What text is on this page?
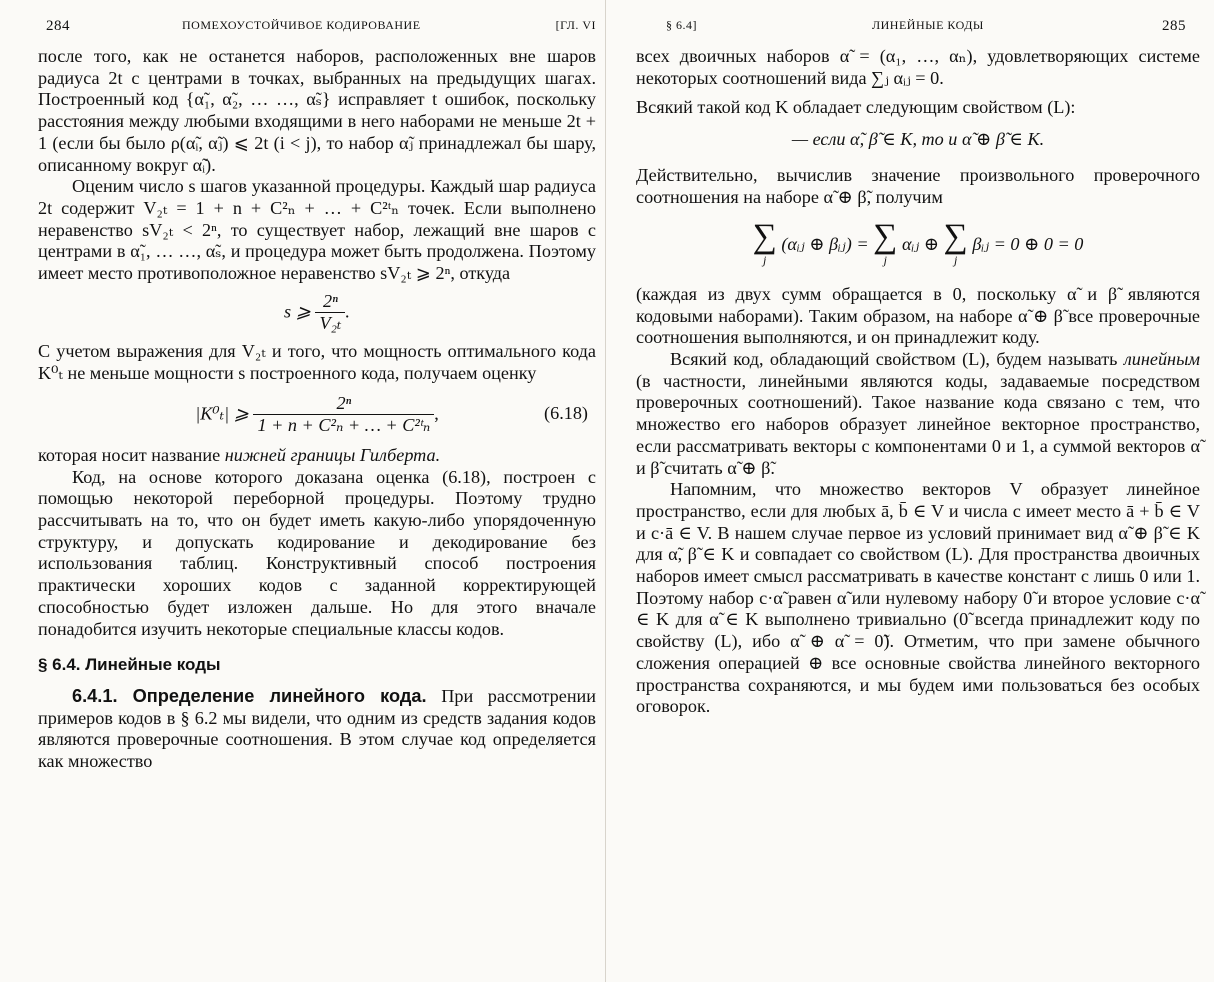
284	ПОМЕХОУСТОЙЧИВОЕ КОДИРОВАНИЕ	[ГЛ. VI

после того, как не останется наборов, расположенных вне шаров радиуса 2t с центрами в точках, выбранных на предыдущих шагах. Построенный код {α̃₁, α̃₂, … …, α̃ₛ} исправляет t ошибок, поскольку расстояния между любыми входящими в него наборами не меньше 2t + 1 (если бы было ρ(α̃ᵢ, α̃ⱼ) ⩽ 2t (i < j), то набор α̃ⱼ принадлежал бы шару, описанному вокруг α̃ᵢ).

Оценим число s шагов указанной процедуры. Каждый шар радиуса 2t содержит V₂ₜ = 1 + n + C²ₙ + … + C²ᵗₙ точек. Если выполнено неравенство sV₂ₜ < 2ⁿ, то существует набор, лежащий вне шаров с центрами в α̃₁, … …, α̃ₛ, и процедура может быть продолжена. Поэтому имеет место противоположное неравенство sV₂ₜ ⩾ 2ⁿ, откуда

s ⩾ $\frac{\text{2ⁿ}}{\text{V₂ₜ}}$ .

С учетом выражения для V₂ₜ и того, что мощность оптимального кода K⁰ₜ не меньше мощности s построенного кода, получаем оценку

|K⁰ₜ| ⩾ $\frac{\text{2ⁿ}}{\text{1 + n + C²ₙ + … + C²ᵗₙ}}$ ,	(6.18)

которая носит название нижней границы Гилберта.

Код, на основе которого доказана оценка (6.18), построен с помощью некоторой переборной процедуры. Поэтому трудно рассчитывать на то, что он будет иметь какую-либо упорядоченную структуру, и допускать кодирование и декодирование без использования таблиц. Конструктивный способ построения практически хороших кодов с заданной корректирующей способностью будет изложен дальше. Но для этого вначале понадобится изучить некоторые специальные классы кодов.

§ 6.4. Линейные коды

6.4.1. Определение линейного кода. При рассмотрении примеров кодов в § 6.2 мы видели, что одним из средств задания кодов являются проверочные соотношения. В этом случае код определяется как множество

§ 6.4]	ЛИНЕЙНЫЕ КОДЫ	285

всех двоичных наборов α̃ = (α₁, …, αₙ), удовлетворяющих системе некоторых соотношений вида ∑ⱼ αᵢⱼ = 0.

Всякий такой код K обладает следующим свойством (L):

— если α̃, β̃ ∈ K, то и α̃ ⊕ β̃ ∈ K.

Действительно, вычислив значение произвольного проверочного соотношения на наборе α̃ ⊕ β̃, получим

∑
j
(αᵢⱼ ⊕ βᵢⱼ) = ∑
j
αᵢⱼ ⊕ ∑
j
βᵢⱼ = 0 ⊕ 0 = 0

(каждая из двух сумм обращается в 0, поскольку α̃ и β̃ являются кодовыми наборами). Таким образом, на наборе α̃ ⊕ β̃ все проверочные соотношения выполняются, и он принадлежит коду.

Всякий код, обладающий свойством (L), будем называть линейным (в частности, линейными являются коды, задаваемые посредством проверочных соотношений). Такое название кода связано с тем, что множество его наборов образует линейное векторное пространство, если рассматривать векторы с компонентами 0 и 1, а суммой векторов α̃ и β̃ считать α̃ ⊕ β̃.

Напомним, что множество векторов V образует линейное пространство, если для любых ā, b̄ ∈ V и числа c имеет место ā + b̄ ∈ V и c·ā ∈ V. В нашем случае первое из условий принимает вид α̃ ⊕ β̃ ∈ K для α̃, β̃ ∈ K и совпадает со свойством (L). Для пространства двоичных наборов имеет смысл рассматривать в качестве констант c лишь 0 или 1. Поэтому набор c·α̃ равен α̃ или нулевому набору 0̃ и второе условие c·α̃ ∈ K для α̃ ∈ K выполнено тривиально (0̃ всегда принадлежит коду по свойству (L), ибо α̃ ⊕ α̃ = 0̃). Отметим, что при замене обычного сложения операцией ⊕ все основные свойства линейного векторного пространства сохраняются, и мы будем ими пользоваться без особых оговорок.
